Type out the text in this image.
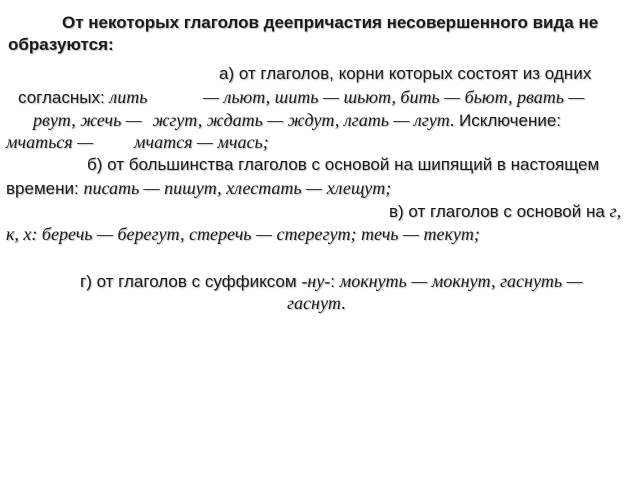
От некоторых глаголов деепричастия несовершенного вида не
образуются:
а) от глаголов, корни которых состоят из одних
согласных: лить	— льют, шить — шьют, бить — бьют, рвать —
рвут, жечь — жгут, ждать — ждут, лгать — лгут. Исключение:
мчаться — мчатся — мчась;
б) от большинства глаголов с основой на шипящий в настоящем
времени: писать — пишут, хлестать — хлещут;
в) от глаголов с основой на г,
к, х: беречь — берегут, стеречь — стерегут; течь — текут;
г) от глаголов с суффиксом -ну-: мокнуть — мокнут, гаснуть —
гаснут.
